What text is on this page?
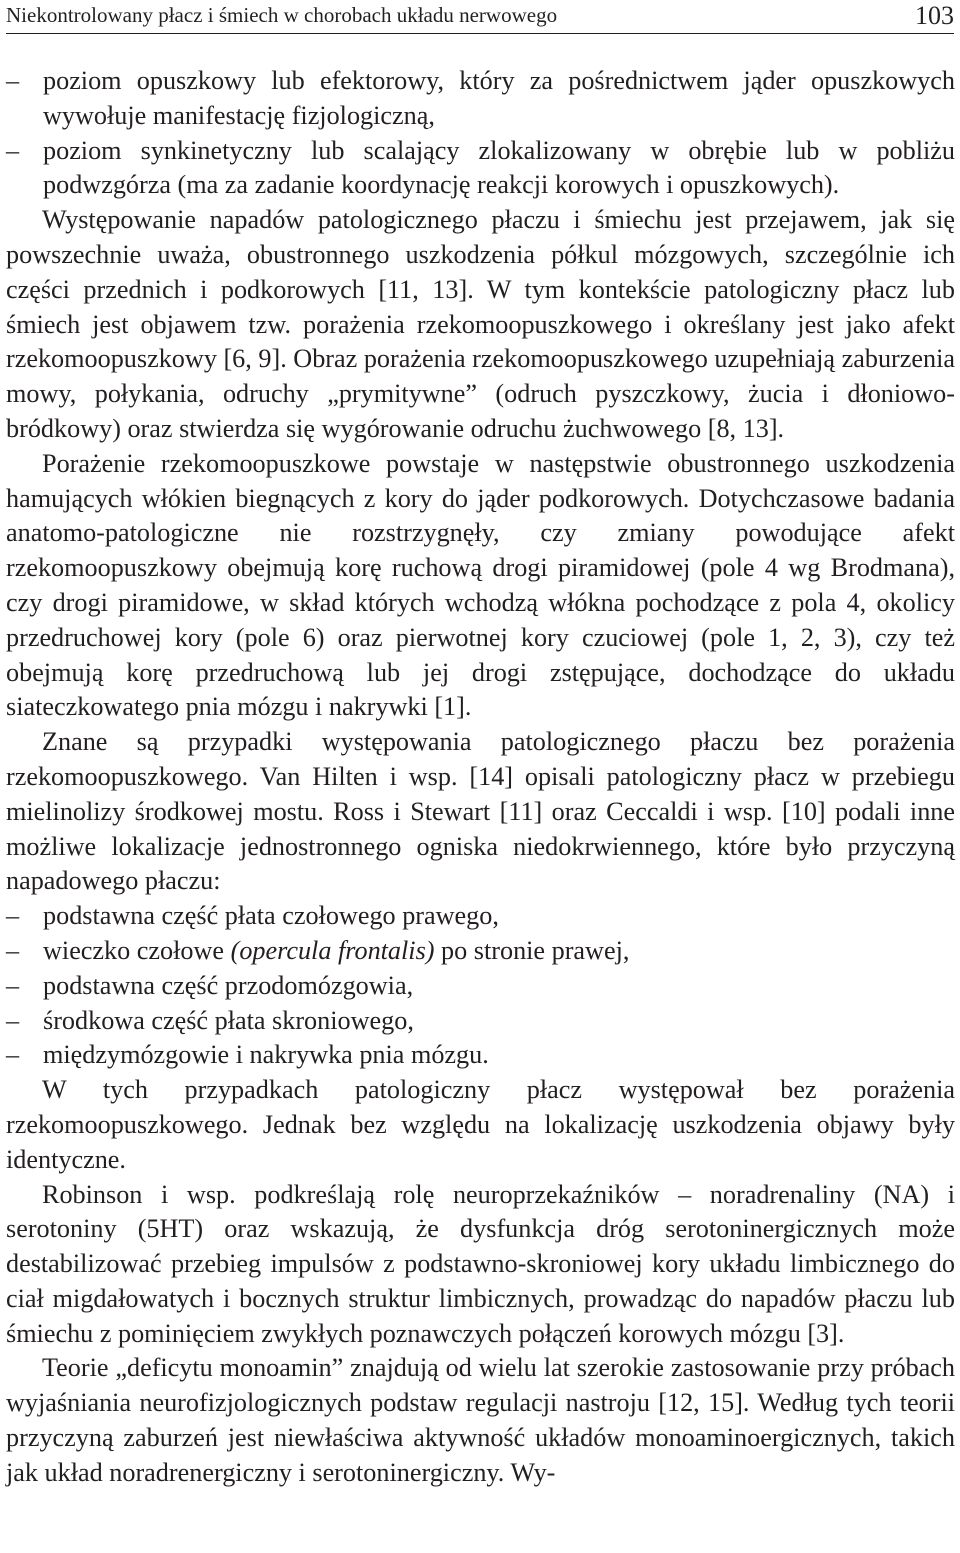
Niekontrolowany płacz i śmiech w chorobach układu nerwowego	103

– poziom opuszkowy lub efektorowy, który za pośrednictwem jąder opuszkowych wywołuje manifestację fizjologiczną,

– poziom synkinetyczny lub scalający zlokalizowany w obrębie lub w pobliżu podwzgórza (ma za zadanie koordynację reakcji korowych i opuszkowych).

Występowanie napadów patologicznego płaczu i śmiechu jest przejawem, jak się powszechnie uważa, obustronnego uszkodzenia półkul mózgowych, szczególnie ich części przednich i podkorowych [11, 13]. W tym kontekście patologiczny płacz lub śmiech jest objawem tzw. porażenia rzekomoopuszkowego i określany jest jako afekt rzekomoopuszkowy [6, 9]. Obraz porażenia rzekomoopuszkowego uzupełniają zaburzenia mowy, połykania, odruchy „prymitywne” (odruch pyszczkowy, żucia i dłoniowo-bródkowy) oraz stwierdza się wygórowanie odruchu żuchwowego [8, 13].

Porażenie rzekomoopuszkowe powstaje w następstwie obustronnego uszkodzenia hamujących włókien biegnących z kory do jąder podkorowych. Dotychczasowe badania anatomo-patologiczne nie rozstrzygnęły, czy zmiany powodujące afekt rzekomoopuszkowy obejmują korę ruchową drogi piramidowej (pole 4 wg Brodmana), czy drogi piramidowe, w skład których wchodzą włókna pochodzące z pola 4, okolicy przedruchowej kory (pole 6) oraz pierwotnej kory czuciowej (pole 1, 2, 3), czy też obejmują korę przedruchową lub jej drogi zstępujące, dochodzące do układu siateczkowatego pnia mózgu i nakrywki [1].

Znane są przypadki występowania patologicznego płaczu bez porażenia rzekomoopuszkowego. Van Hilten i wsp. [14] opisali patologiczny płacz w przebiegu mielinolizy środkowej mostu. Ross i Stewart [11] oraz Ceccaldi i wsp. [10] podali inne możliwe lokalizacje jednostronnego ogniska niedokrwiennego, które było przyczyną napadowego płaczu:

– podstawna część płata czołowego prawego,

– wieczko czołowe (opercula frontalis) po stronie prawej,

– podstawna część przodomózgowia,

– środkowa część płata skroniowego,

– międzymózgowie i nakrywka pnia mózgu.

W tych przypadkach patologiczny płacz występował bez porażenia rzekomoopuszkowego. Jednak bez względu na lokalizację uszkodzenia objawy były identyczne.

Robinson i wsp. podkreślają rolę neuroprzekaźników – noradrenaliny (NA) i serotoniny (5HT) oraz wskazują, że dysfunkcja dróg serotoninergicznych może destabilizować przebieg impulsów z podstawno-skroniowej kory układu limbicznego do ciał migdałowatych i bocznych struktur limbicznych, prowadząc do napadów płaczu lub śmiechu z pominięciem zwykłych poznawczych połączeń korowych mózgu [3].

Teorie „deficytu monoamin” znajdują od wielu lat szerokie zastosowanie przy próbach wyjaśniania neurofizjologicznych podstaw regulacji nastroju [12, 15]. Według tych teorii przyczyną zaburzeń jest niewłaściwa aktywność układów monoaminoergicznych, takich jak układ noradrenergiczny i serotoninergiczny. Wy-
